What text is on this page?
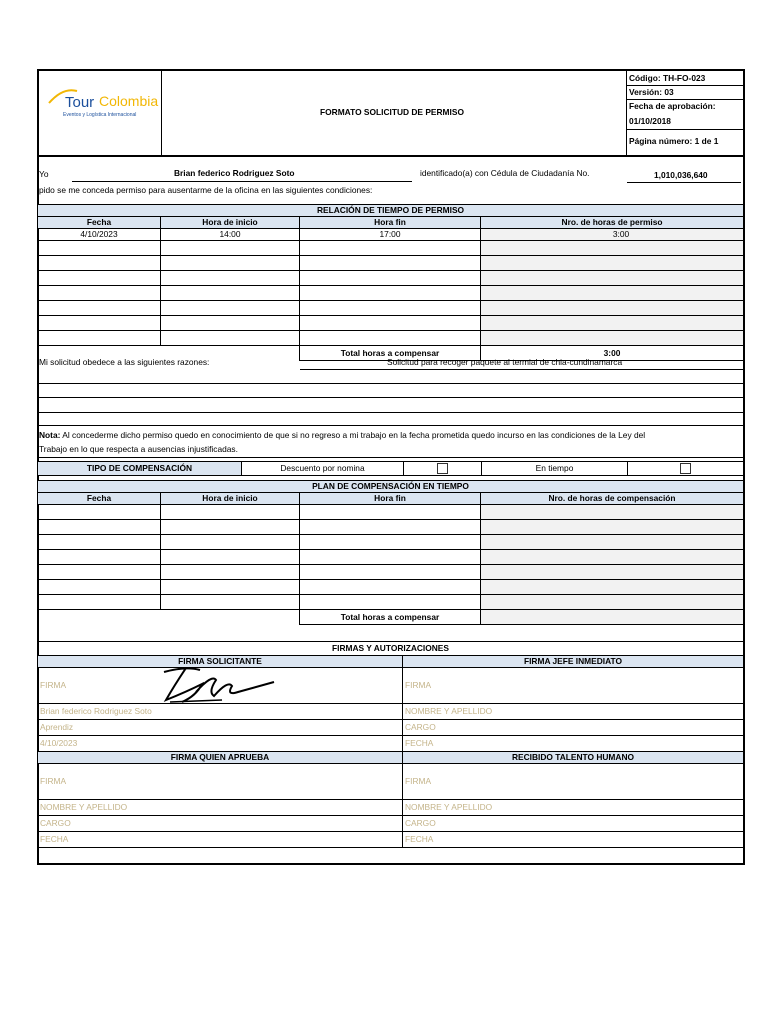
Tour Colombia
Eventos y Logística Internacional	FORMATO SOLICITUD DE PERMISO
Código: TH-FO-023
Versión: 03
Fecha de aprobación:
01/10/2018
Página número: 1 de 1
Yo	Brian federico Rodriguez Soto	identificado(a) con Cédula de Ciudadanía No.	1,010,036,640
pido se me conceda permiso para ausentarme de la oficina en las siguientes condiciones:
RELACIÓN DE TIEMPO DE PERMISO			
Fecha	Hora de inicio	Hora fin	Nro. de horas de permiso
4/10/2023	14:00	17:00	3:00

		Total horas a compensar	3:00
Mi solicitud obedece a las siguientes razones:	Solicitud para recoger paquete al termial de chia-cundinamarca
Nota: Al concederme dicho permiso quedo en conocimiento de que si no regreso a mi trabajo en la fecha prometida quedo incurso en las condiciones de la Ley del
Trabajo en lo que respecta a ausencias injustificadas.
TIPO DE COMPENSACIÓN	Descuento por nomina		En tiempo	
PLAN DE COMPENSACIÓN EN TIEMPO			
Fecha	Hora de inicio	Hora fin	Nro. de horas de compensación

		Total horas a compensar	
FIRMAS Y AUTORIZACIONES	
FIRMA SOLICITANTE	FIRMA JEFE INMEDIATO
FIRMA	FIRMA
Brian federico Rodriguez Soto	NOMBRE Y APELLIDO
Aprendiz	CARGO
4/10/2023	FECHA
FIRMA QUIEN APRUEBA	RECIBIDO TALENTO HUMANO
FIRMA	FIRMA
NOMBRE Y APELLIDO	NOMBRE Y APELLIDO
CARGO	CARGO
FECHA	FECHA
